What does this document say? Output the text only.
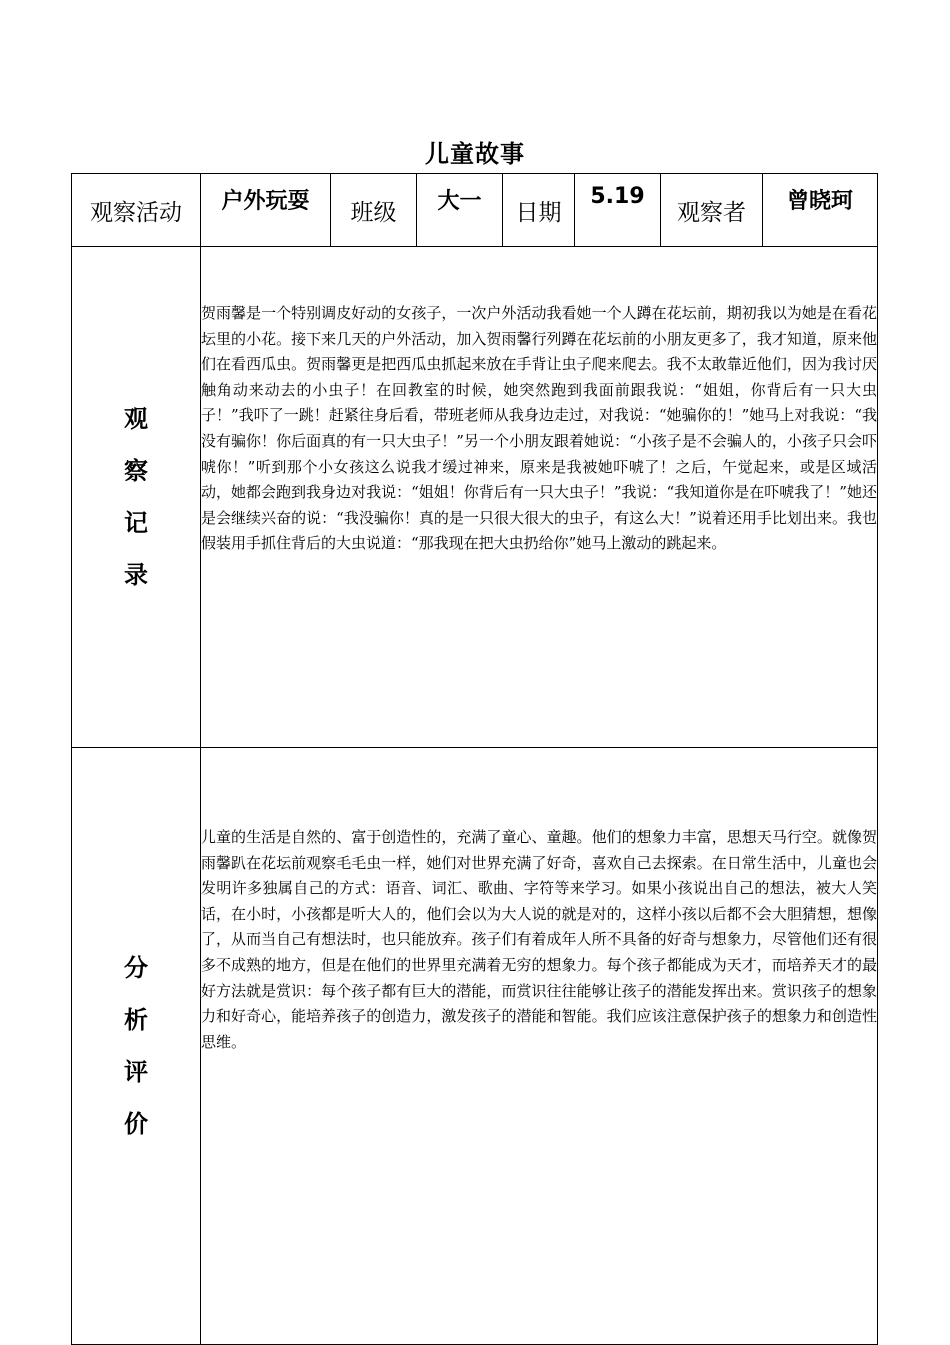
儿童故事
观察活动	户外玩耍	班级	大一	日期	5.19	观察者	曾晓珂
观察记录	贺雨馨是一个特别调皮好动的女孩子，一次户外活动我看她一个人蹲在花坛前，期初我以为她是在看花坛里的小花。接下来几天的户外活动，加入贺雨馨行列蹲在花坛前的小朋友更多了，我才知道，原来他们在看西瓜虫。贺雨馨更是把西瓜虫抓起来放在手背让虫子爬来爬去。我不太敢靠近他们，因为我讨厌触角动来动去的小虫子！在回教室的时候，她突然跑到我面前跟我说：“姐姐，你背后有一只大虫子！”我吓了一跳！赶紧往身后看，带班老师从我身边走过，对我说：“她骗你的！”她马上对我说：“我没有骗你！你后面真的有一只大虫子！”另一个小朋友跟着她说：“小孩子是不会骗人的，小孩子只会吓唬你！”听到那个小女孩这么说我才缓过神来，原来是我被她吓唬了！之后，午觉起来，或是区域活动，她都会跑到我身边对我说：“姐姐！你背后有一只大虫子！”我说：“我知道你是在吓唬我了！”她还是会继续兴奋的说：“我没骗你！真的是一只很大很大的虫子，有这么大！”说着还用手比划出来。我也假装用手抓住背后的大虫说道：“那我现在把大虫扔给你”她马上激动的跳起来。						
分析评价	儿童的生活是自然的、富于创造性的，充满了童心、童趣。他们的想象力丰富，思想天马行空。就像贺雨馨趴在花坛前观察毛毛虫一样，她们对世界充满了好奇，喜欢自己去探索。在日常生活中，儿童也会发明许多独属自己的方式：语音、词汇、歌曲、字符等来学习。如果小孩说出自己的想法，被大人笑话，在小时，小孩都是听大人的，他们会以为大人说的就是对的，这样小孩以后都不会大胆猜想，想像了，从而当自己有想法时，也只能放弃。孩子们有着成年人所不具备的好奇与想象力，尽管他们还有很多不成熟的地方，但是在他们的世界里充满着无穷的想象力。每个孩子都能成为天才，而培养天才的最好方法就是赏识：每个孩子都有巨大的潜能，而赏识往往能够让孩子的潜能发挥出来。赏识孩子的想象力和好奇心，能培养孩子的创造力，激发孩子的潜能和智能。我们应该注意保护孩子的想象力和创造性思维。						
